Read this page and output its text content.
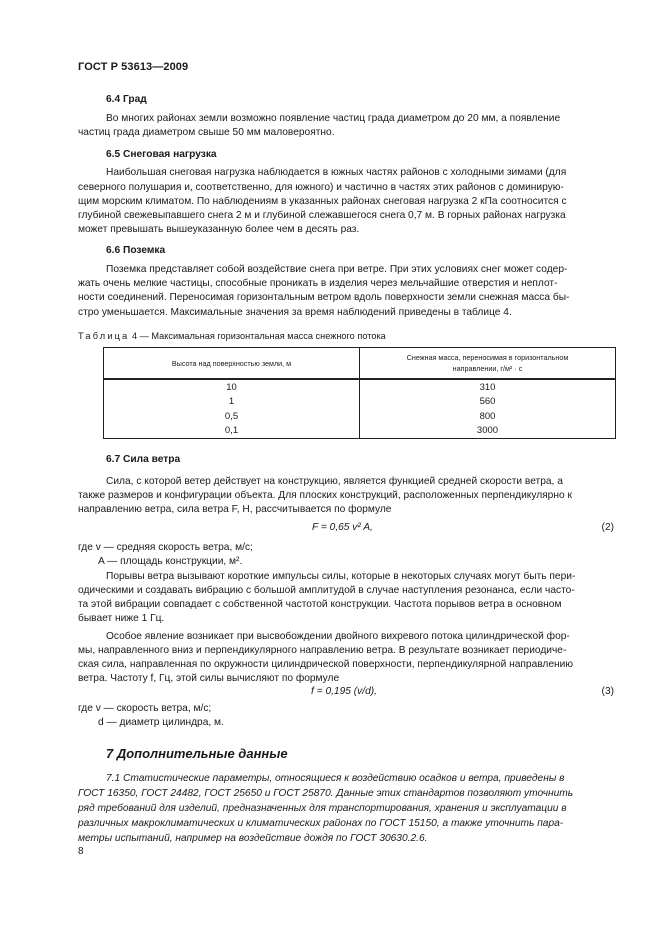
ГОСТ Р 53613—2009
6.4 Град
Во многих районах земли возможно появление частиц града диаметром до 20 мм, а появление
частиц града диаметром свыше 50 мм маловероятно.
6.5 Снеговая нагрузка
Наибольшая снеговая нагрузка наблюдается в южных частях районов с холодными зимами (для
северного полушария и, соответственно, для южного) и частично в частях этих районов с доминирую-
щим морским климатом. По наблюдениям в указанных районах снеговая нагрузка 2 кПа соотносится с
глубиной свежевыпавшего снега 2 м и глубиной слежавшегося снега 0,7 м. В горных районах нагрузка
может превышать вышеуказанную более чем в десять раз.
6.6 Поземка
Поземка представляет собой воздействие снега при ветре. При этих условиях снег может содер-
жать очень мелкие частицы, способные проникать в изделия через мельчайшие отверстия и неплот-
ности соединений. Переносимая горизонтальным ветром вдоль поверхности земли снежная масса бы-
стро уменьшается. Максимальные значения за время наблюдений приведены в таблице 4.
Таблица 4 — Максимальная горизонтальная масса снежного потока
Высота над поверхностью земли, м	Снежная масса, переносимая в горизонтальном
направлении, г/м² · с

10	310
1	560
0,5	800
0,1	3000
6.7 Сила ветра
Сила, с которой ветер действует на конструкцию, является функцией средней скорости ветра, а
также размеров и конфигурации объекта. Для плоских конструкций, расположенных перпендикулярно к
направлению ветра, сила ветра F, Н, рассчитывается по формуле
F = 0,65 v² A,	(2)
где v — средняя скорость ветра, м/с;
A — площадь конструкции, м².
Порывы ветра вызывают короткие импульсы силы, которые в некоторых случаях могут быть пери-
одическими и создавать вибрацию с большой амплитудой в случае наступления резонанса, если часто-
та этой вибрации совпадает с собственной частотой конструкции. Частота порывов ветра в основном
бывает ниже 1 Гц.
Особое явление возникает при высвобождении двойного вихревого потока цилиндрической фор-
мы, направленного вниз и перпендикулярного направлению ветра. В результате возникает периодиче-
ская сила, направленная по окружности цилиндрической поверхности, перпендикулярной направлению
ветра. Частоту f, Гц, этой силы вычисляют по формуле
f = 0,195 (v/d),	(3)
где v — скорость ветра, м/с;
d — диаметр цилиндра, м.
7 Дополнительные данные
7.1 Статистические параметры, относящиеся к воздействию осадков и ветра, приведены в
ГОСТ 16350, ГОСТ 24482, ГОСТ 25650 и ГОСТ 25870. Данные этих стандартов позволяют уточнить
ряд требований для изделий, предназначенных для транспортирования, хранения и эксплуатации в
различных макроклиматических и климатических районах по ГОСТ 15150, а также уточнить пара-
метры испытаний, например на воздействие дождя по ГОСТ 30630.2.6.
8
